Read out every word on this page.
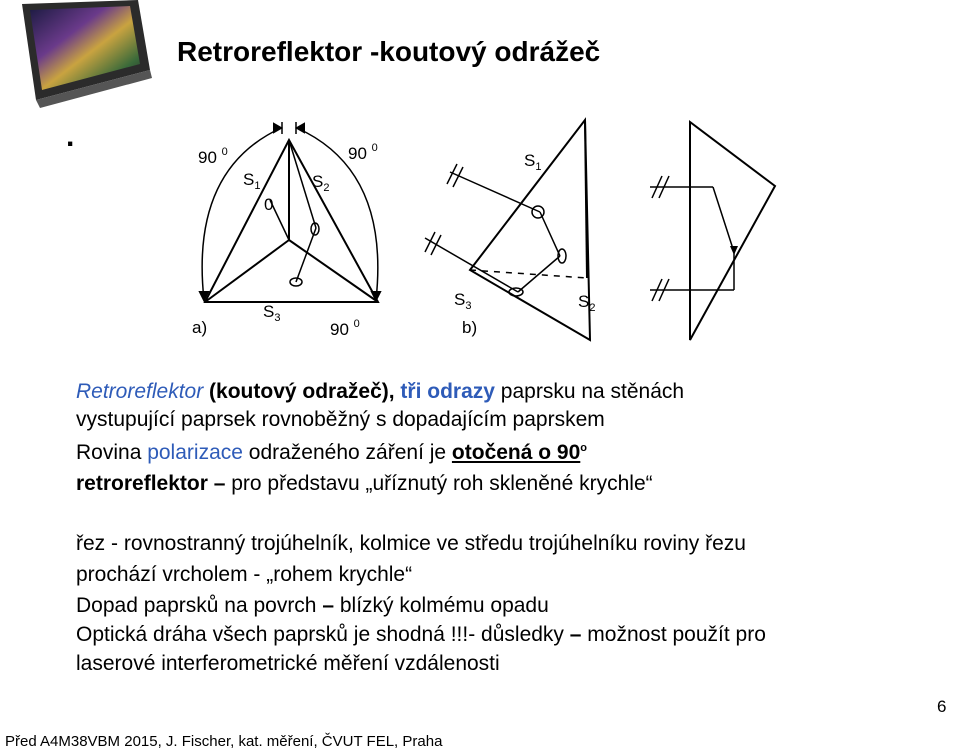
Retroreflektor -koutový odrážeč
.
90 $^0$	90 $^0$
90 $^0$
0
$S_1$	$S_2$
$S_3$
a)
$S_1$
$S_2$
$S_3$
b)
Retroreflektor (koutový odražeč), tři odrazy paprsku na stěnách
vystupující paprsek rovnoběžný s dopadajícím paprskem
Rovina polarizace odraženého záření je otočená o 90$^o$
retroreflektor – pro představu „uříznutý roh skleněné krychle“
řez - rovnostranný trojúhelník, kolmice ve středu trojúhelníku roviny řezu
prochází vrcholem - „rohem krychle“
Dopad paprsků na povrch – blízký kolmému opadu
Optická dráha všech paprsků je shodná !!!- důsledky – možnost použít pro
laserové interferometrické měření vzdálenosti
6
Před A4M38VBM 2015, J. Fischer, kat. měření, ČVUT FEL, Praha
